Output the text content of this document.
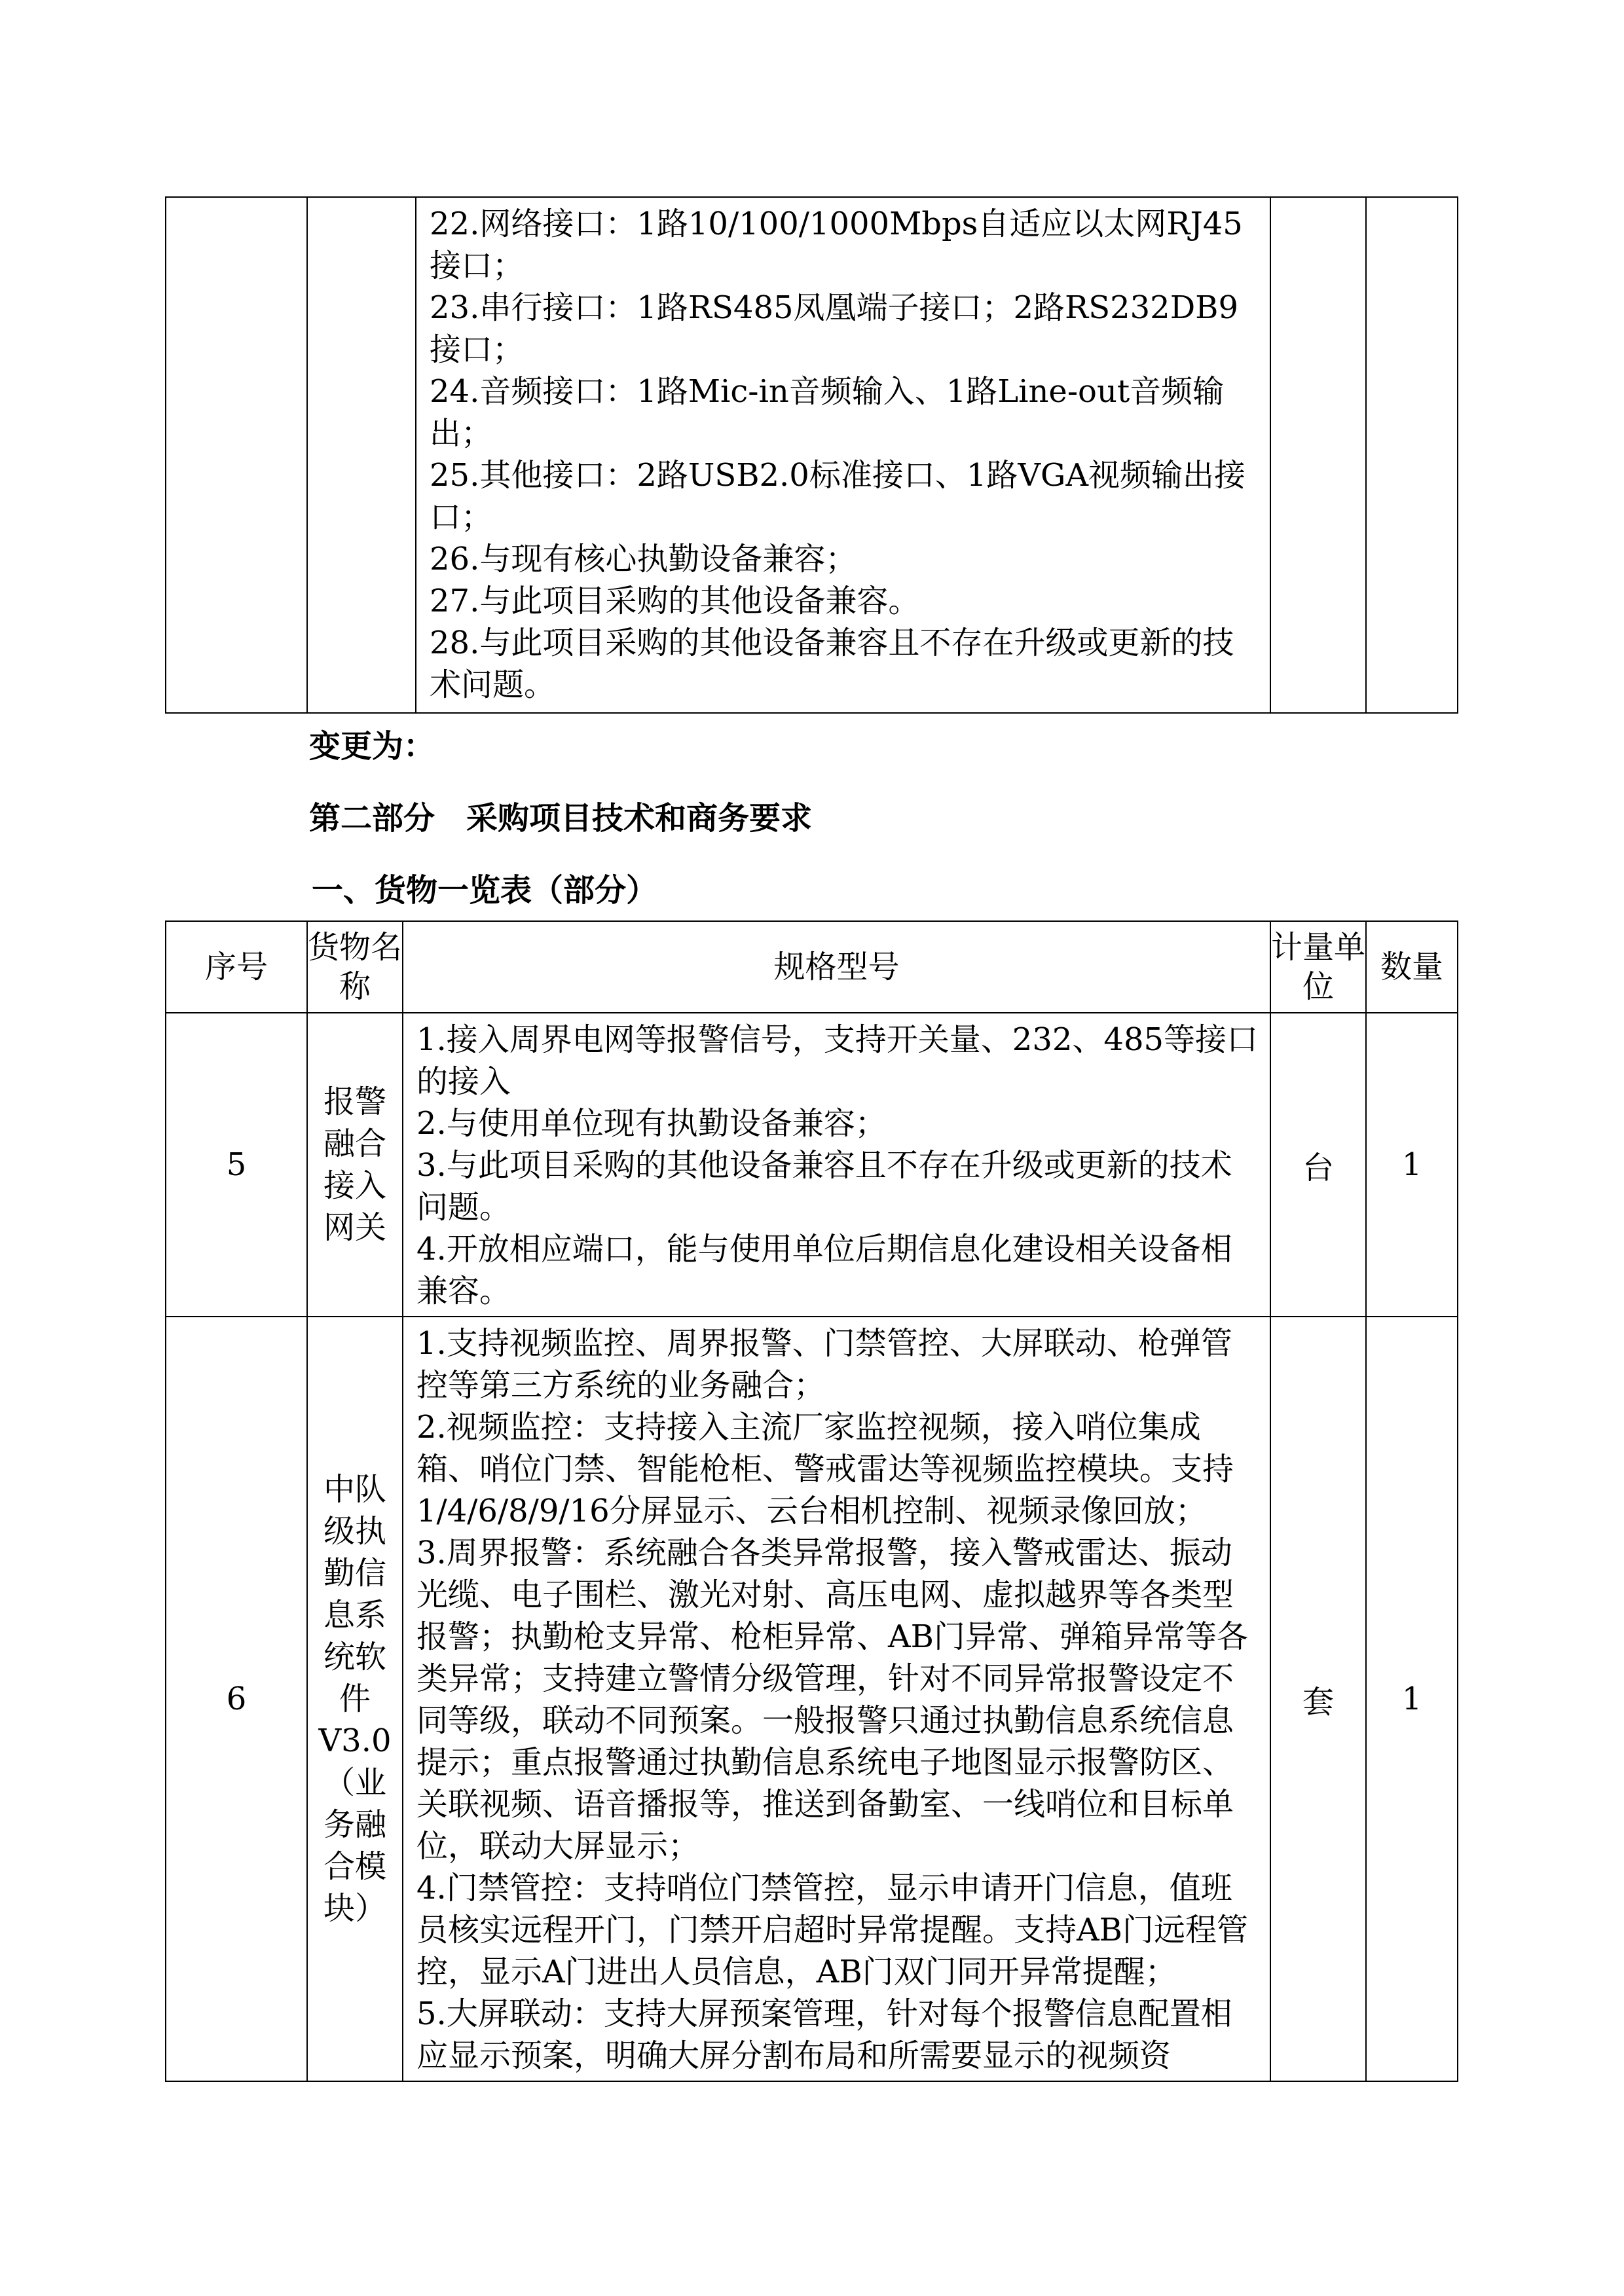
22.网络接口：1路10/100/1000Mbps自适应以太网RJ45接口；
23.串行接口：1路RS485凤凰端子接口；2路RS232DB9接口；
24.音频接口：1路Mic-in音频输入、1路Line-out音频输出；
25.其他接口：2路USB2.0标准接口、1路VGA视频输出接口；
26.与现有核心执勤设备兼容；
27.与此项目采购的其他设备兼容。
28.与此项目采购的其他设备兼容且不存在升级或更新的技术问题。

变更为：
第二部分　采购项目技术和商务要求
一、货物一览表（部分）
序号	货物名称	规格型号	计量单位	数量
5	报警融合接入网关	1.接入周界电网等报警信号，支持开关量、232、485等接口的接入
2.与使用单位现有执勤设备兼容；
3.与此项目采购的其他设备兼容且不存在升级或更新的技术问题。
4.开放相应端口，能与使用单位后期信息化建设相关设备相兼容。	台	1
6	中队级执勤信息系统软件V3.0（业务融合模块）	1.支持视频监控、周界报警、门禁管控、大屏联动、枪弹管控等第三方系统的业务融合；
2.视频监控：支持接入主流厂家监控视频，接入哨位集成箱、哨位门禁、智能枪柜、警戒雷达等视频监控模块。支持1/4/6/8/9/16分屏显示、云台相机控制、视频录像回放；
3.周界报警：系统融合各类异常报警，接入警戒雷达、振动光缆、电子围栏、激光对射、高压电网、虚拟越界等各类型报警；执勤枪支异常、枪柜异常、AB门异常、弹箱异常等各类异常；支持建立警情分级管理，针对不同异常报警设定不同等级，联动不同预案。一般报警只通过执勤信息系统信息提示；重点报警通过执勤信息系统电子地图显示报警防区、关联视频、语音播报等，推送到备勤室、一线哨位和目标单位，联动大屏显示；
4.门禁管控：支持哨位门禁管控，显示申请开门信息，值班员核实远程开门，门禁开启超时异常提醒。支持AB门远程管控，显示A门进出人员信息，AB门双门同开异常提醒；
5.大屏联动：支持大屏预案管理，针对每个报警信息配置相应显示预案，明确大屏分割布局和所需要显示的视频资	套	1
